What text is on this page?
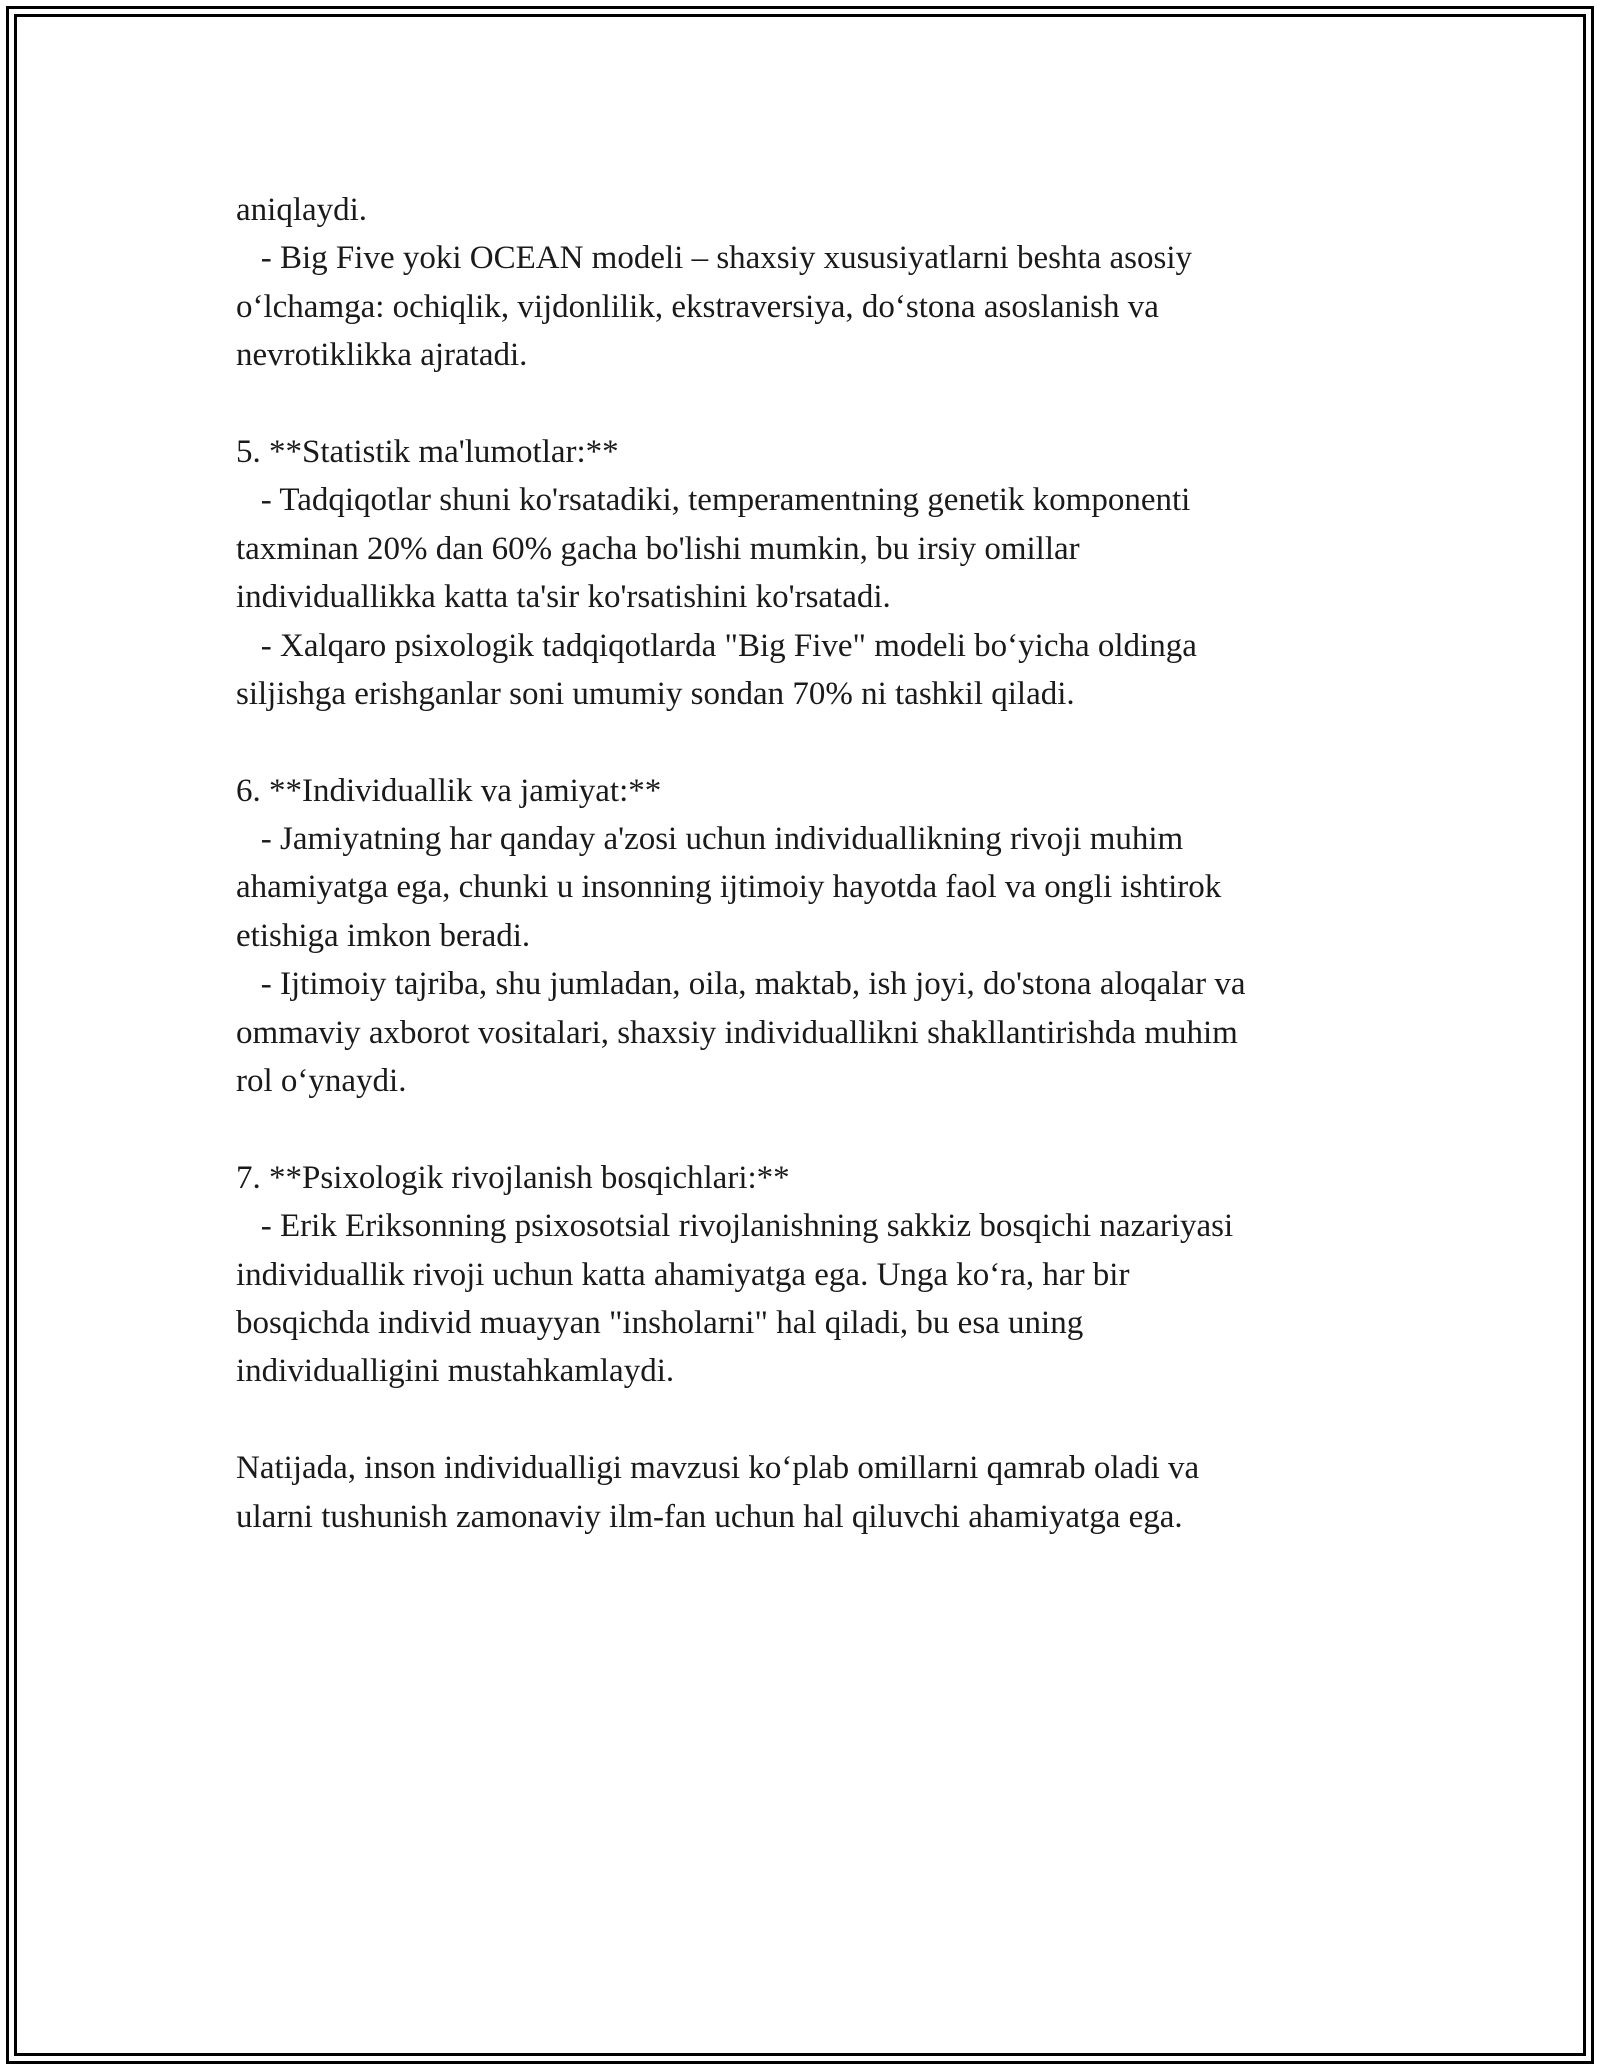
aniqlaydi.
- Big Five yoki OCEAN modeli – shaxsiy xususiyatlarni beshta asosiy
o‘lchamga: ochiqlik, vijdonlilik, ekstraversiya, do‘stona asoslanish va
nevrotiklikka ajratadi.
5. **Statistik ma'lumotlar:**
- Tadqiqotlar shuni ko'rsatadiki, temperamentning genetik komponenti
taxminan 20% dan 60% gacha bo'lishi mumkin, bu irsiy omillar
individuallikka katta ta'sir ko'rsatishini ko'rsatadi.
- Xalqaro psixologik tadqiqotlarda "Big Five" modeli bo‘yicha oldinga
siljishga erishganlar soni umumiy sondan 70% ni tashkil qiladi.
6. **Individuallik va jamiyat:**
- Jamiyatning har qanday a'zosi uchun individuallikning rivoji muhim
ahamiyatga ega, chunki u insonning ijtimoiy hayotda faol va ongli ishtirok
etishiga imkon beradi.
- Ijtimoiy tajriba, shu jumladan, oila, maktab, ish joyi, do'stona aloqalar va
ommaviy axborot vositalari, shaxsiy individuallikni shakllantirishda muhim
rol o‘ynaydi.
7. **Psixologik rivojlanish bosqichlari:**
- Erik Eriksonning psixosotsial rivojlanishning sakkiz bosqichi nazariyasi
individuallik rivoji uchun katta ahamiyatga ega. Unga ko‘ra, har bir
bosqichda individ muayyan "insholarni" hal qiladi, bu esa uning
individualligini mustahkamlaydi.
Natijada, inson individualligi mavzusi ko‘plab omillarni qamrab oladi va
ularni tushunish zamonaviy ilm-fan uchun hal qiluvchi ahamiyatga ega.
